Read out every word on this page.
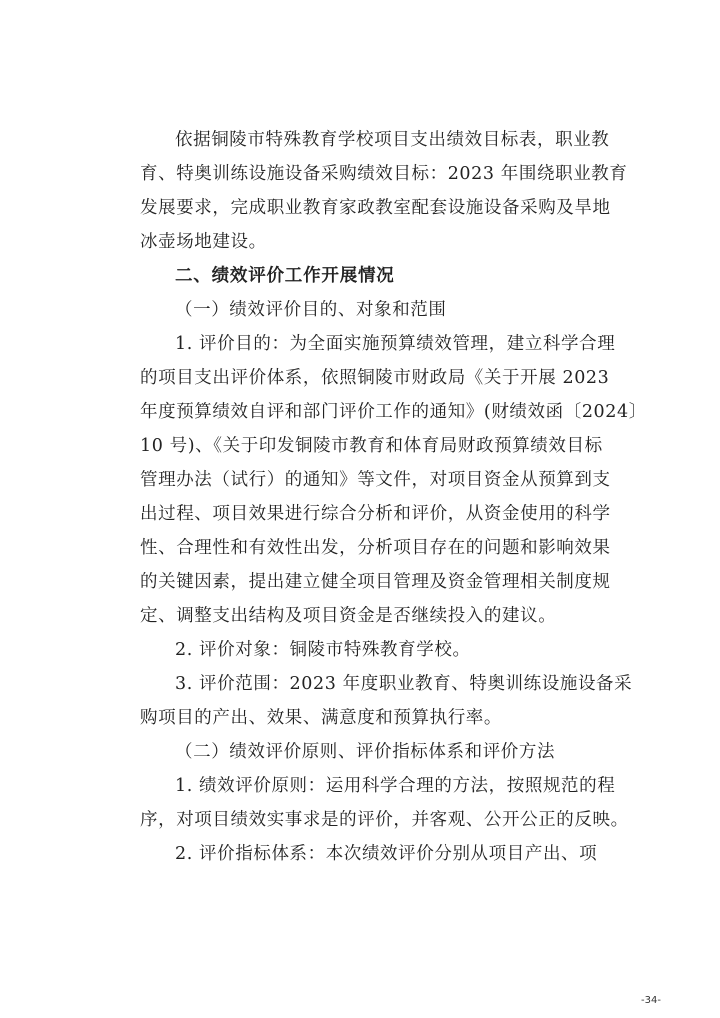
依据铜陵市特殊教育学校项目支出绩效目标表，职业教
育、特奥训练设施设备采购绩效目标：2023 年围绕职业教育
发展要求，完成职业教育家政教室配套设施设备采购及旱地
冰壶场地建设。
二、绩效评价工作开展情况
（一）绩效评价目的、对象和范围
1. 评价目的：为全面实施预算绩效管理，建立科学合理
的项目支出评价体系，依照铜陵市财政局《关于开展 2023
年度预算绩效自评和部门评价工作的通知》(财绩效函〔2024〕
10 号)、《关于印发铜陵市教育和体育局财政预算绩效目标
管理办法（试行）的通知》等文件，对项目资金从预算到支
出过程、项目效果进行综合分析和评价，从资金使用的科学
性、合理性和有效性出发，分析项目存在的问题和影响效果
的关键因素，提出建立健全项目管理及资金管理相关制度规
定、调整支出结构及项目资金是否继续投入的建议。
2. 评价对象：铜陵市特殊教育学校。
3. 评价范围：2023 年度职业教育、特奥训练设施设备采
购项目的产出、效果、满意度和预算执行率。
（二）绩效评价原则、评价指标体系和评价方法
1. 绩效评价原则：运用科学合理的方法，按照规范的程
序，对项目绩效实事求是的评价，并客观、公开公正的反映。
2. 评价指标体系：本次绩效评价分别从项目产出、项
-34-
